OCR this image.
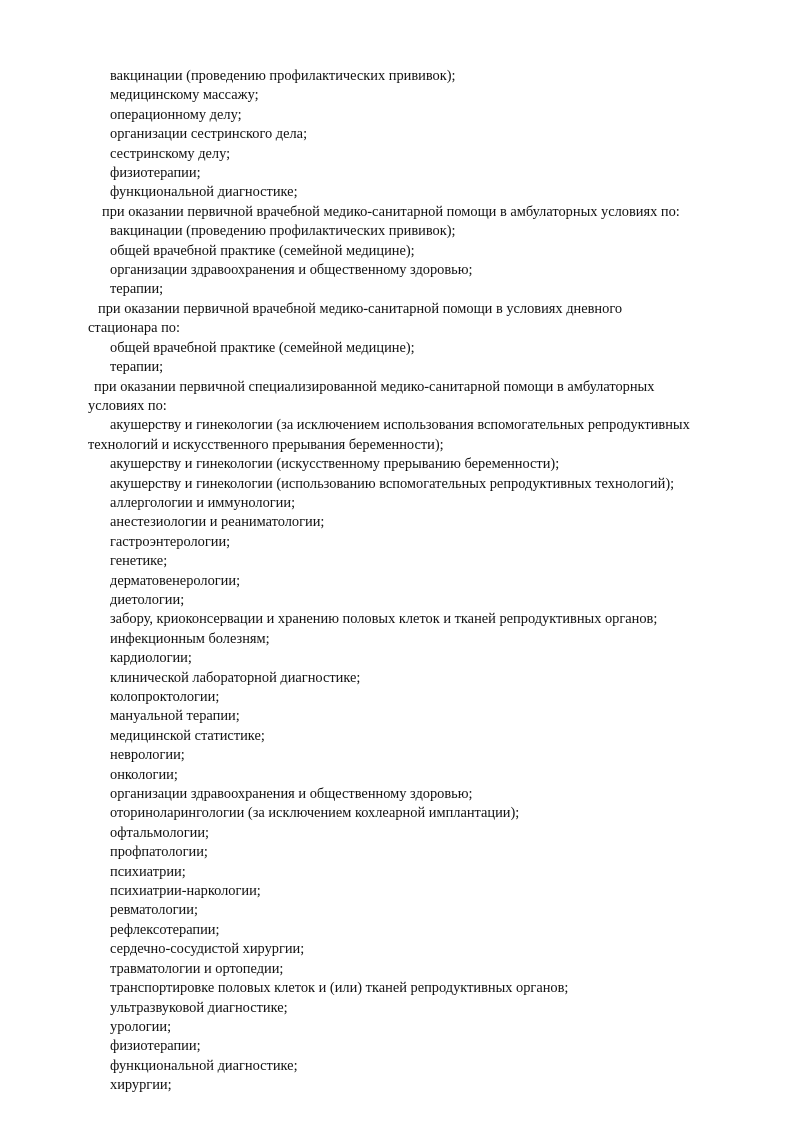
вакцинации (проведению профилактических прививок);
медицинскому массажу;
операционному делу;
организации сестринского дела;
сестринскому делу;
физиотерапии;
функциональной диагностике;
при оказании первичной врачебной медико-санитарной помощи в амбулаторных условиях по:
вакцинации (проведению профилактических прививок);
общей врачебной практике (семейной медицине);
организации здравоохранения и общественному здоровью;
терапии;
при оказании первичной врачебной медико-санитарной помощи в условиях дневного
стационара по:
общей врачебной практике (семейной медицине);
терапии;
при оказании первичной специализированной медико-санитарной помощи в амбулаторных
условиях по:
акушерству и гинекологии (за исключением использования вспомогательных репродуктивных
технологий и искусственного прерывания беременности);
акушерству и гинекологии (искусственному прерыванию беременности);
акушерству и гинекологии (использованию вспомогательных репродуктивных технологий);
аллергологии и иммунологии;
анестезиологии и реаниматологии;
гастроэнтерологии;
генетике;
дерматовенерологии;
диетологии;
забору, криоконсервации и хранению половых клеток и тканей репродуктивных органов;
инфекционным болезням;
кардиологии;
клинической лабораторной диагностике;
колопроктологии;
мануальной терапии;
медицинской статистике;
неврологии;
онкологии;
организации здравоохранения и общественному здоровью;
оториноларингологии (за исключением кохлеарной имплантации);
офтальмологии;
профпатологии;
психиатрии;
психиатрии-наркологии;
ревматологии;
рефлексотерапии;
сердечно-сосудистой хирургии;
травматологии и ортопедии;
транспортировке половых клеток и (или) тканей репродуктивных органов;
ультразвуковой диагностике;
урологии;
физиотерапии;
функциональной диагностике;
хирургии;
